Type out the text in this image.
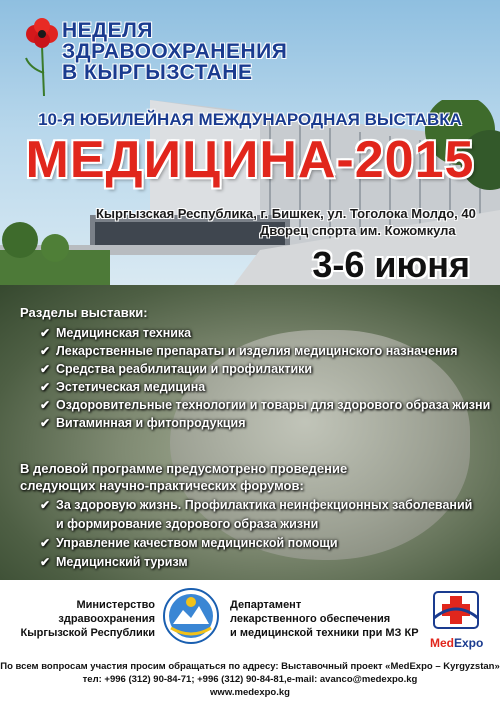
НЕДЕЛЯ
ЗДРАВООХРАНЕНИЯ
В КЫРГЫЗСТАНЕ
10-Я ЮБИЛЕЙНАЯ МЕЖДУНАРОДНАЯ ВЫСТАВКА
МЕДИЦИНА-2015
Кыргызская Республика, г. Бишкек, ул. Тоголока Молдо, 40
Дворец спорта им. Кожомкула
3-6 июня
Разделы выставки:
✔ Медицинская техника
✔ Лекарственные препараты и изделия медицинского назначения
✔ Средства реабилитации и профилактики
✔ Эстетическая медицина
✔ Оздоровительные технологии и товары для здорового образа жизни
✔ Витаминная и фитопродукция
В деловой программе предусмотрено проведение
следующих научно-практических форумов:
✔ За здоровую жизнь. Профилактика неинфекционных заболеваний
и формирование здорового образа жизни
✔ Управление качеством медицинской помощи
✔ Медицинский туризм
Министерство
здравоохранения
Кыргызской Республики
Департамент
лекарственного обеспечения
и медицинской техники при МЗ КР
MedExpo
По всем вопросам участия просим обращаться по адресу: Выставочный проект «MedExpo – Kyrgyzstan»
тел: +996 (312) 90-84-71; +996 (312) 90-84-81,e-mail: avanco@medexpo.kg
www.medexpo.kg
